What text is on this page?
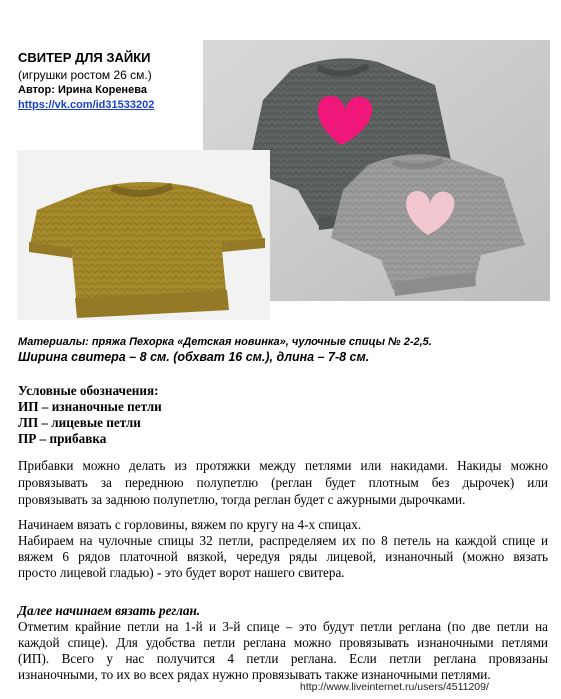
СВИТЕР ДЛЯ ЗАЙКИ
(игрушки ростом 26 см.)
Автор: Ирина Коренева
https://vk.com/id31533202
Материалы: пряжа Пехорка «Детская новинка», чулочные спицы № 2-2,5.
Ширина свитера – 8 см. (обхват 16 см.), длина – 7-8 см.
Условные обозначения:
ИП – изнаночные петли
ЛП – лицевые петли
ПР – прибавка
Прибавки можно делать из протяжки между петлями или накидами. Накиды можно
провязывать за переднюю полупетлю (реглан будет плотным без дырочек) или
провязывать за заднюю полупетлю, тогда реглан будет с ажурными дырочками.
Начинаем вязать с горловины, вяжем по кругу на 4-х спицах.
Набираем на чулочные спицы 32 петли, распределяем их по 8 петель на каждой спице и
вяжем 6 рядов платочной вязкой, чередуя ряды лицевой, изнаночный (можно вязать
просто лицевой гладью) - это будет ворот нашего свитера.
Далее начинаем вязать реглан.
Отметим крайние петли на 1-й и 3-й спице – это будут петли реглана (по две петли на
каждой спице). Для удобства петли реглана можно провязывать изнаночными петлями
(ИП). Всего у нас получится 4 петли реглана. Если петли реглана провязаны
изнаночными, то их во всех рядах нужно провязывать также изнаночными петлями.
http://www.liveinternet.ru/users/4511209/
